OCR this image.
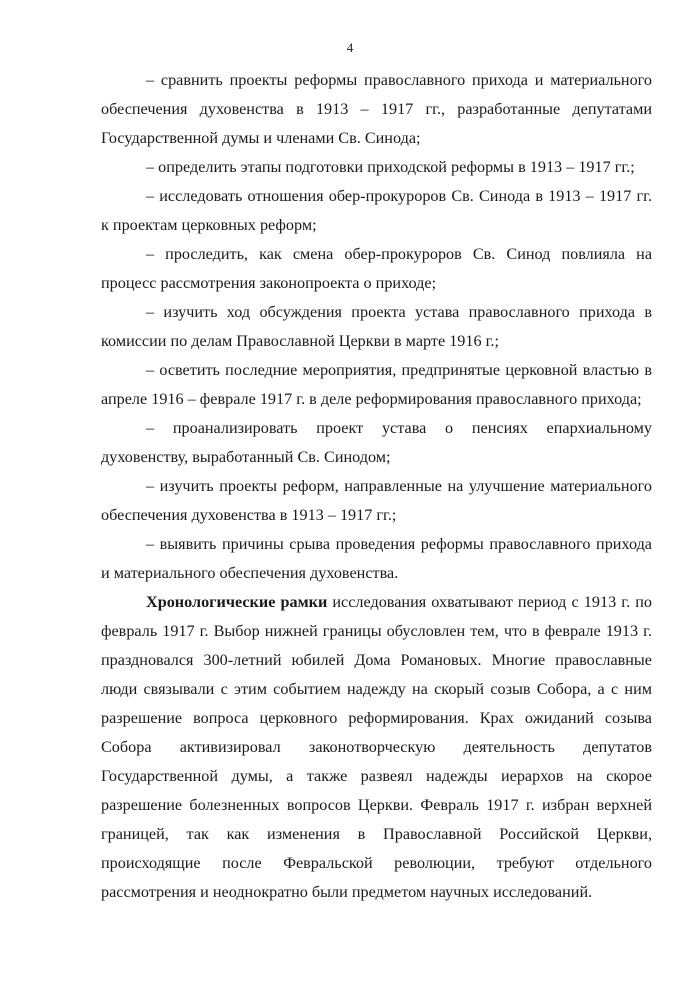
4

– сравнить проекты реформы православного прихода и материального обеспечения духовенства в 1913 – 1917 гг., разработанные депутатами Государственной думы и членами Св. Синода;

– определить этапы подготовки приходской реформы в 1913 – 1917 гг.;

– исследовать отношения обер-прокуроров Св. Синода в 1913 – 1917 гг. к проектам церковных реформ;

– проследить, как смена обер-прокуроров Св. Синод повлияла на процесс рассмотрения законопроекта о приходе;

– изучить ход обсуждения проекта устава православного прихода в комиссии по делам Православной Церкви в марте 1916 г.;

– осветить последние мероприятия, предпринятые церковной властью в апреле 1916 – феврале 1917 г. в деле реформирования православного прихода;

– проанализировать проект устава о пенсиях епархиальному духовенству, выработанный Св. Синодом;

– изучить проекты реформ, направленные на улучшение материального обеспечения духовенства в 1913 – 1917 гг.;

– выявить причины срыва проведения реформы православного прихода и материального обеспечения духовенства.

Хронологические рамки исследования охватывают период с 1913 г. по февраль 1917 г. Выбор нижней границы обусловлен тем, что в феврале 1913 г. праздновался 300-летний юбилей Дома Романовых. Многие православные люди связывали с этим событием надежду на скорый созыв Собора, а с ним разрешение вопроса церковного реформирования. Крах ожиданий созыва Собора активизировал законотворческую деятельность депутатов Государственной думы, а также развеял надежды иерархов на скорое разрешение болезненных вопросов Церкви. Февраль 1917 г. избран верхней границей, так как изменения в Православной Российской Церкви, происходящие после Февральской революции, требуют отдельного рассмотрения и неоднократно были предметом научных исследований.
